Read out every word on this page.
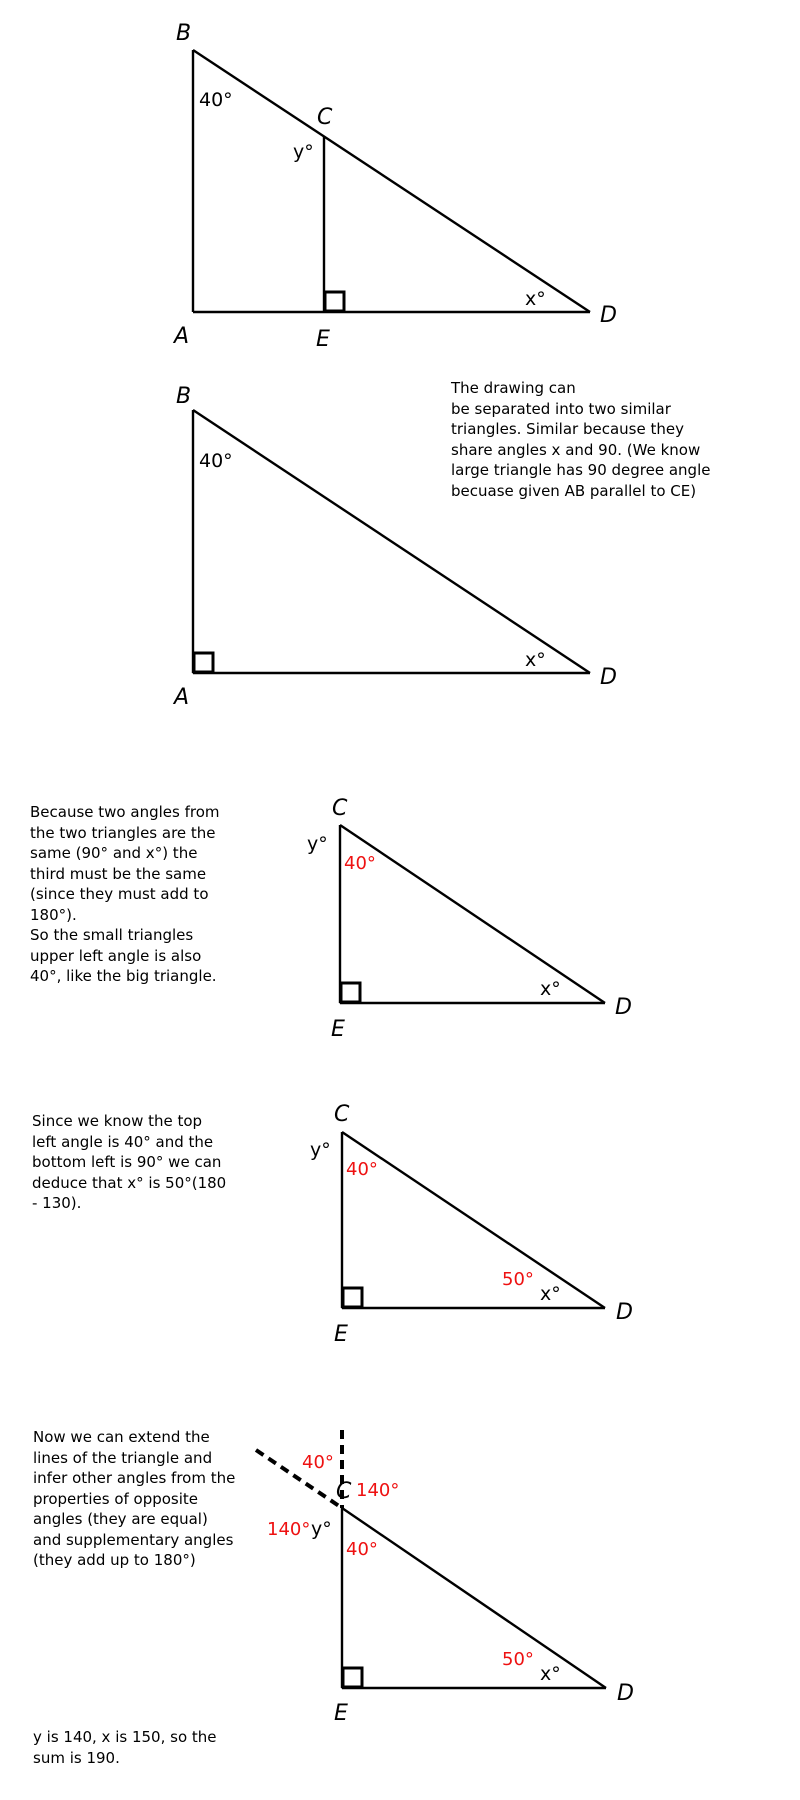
B
40°
C
y°
x°
A	E
D
B
40°
x°
A
D
C
y°
40°
x°
E
D
C
y°
40°
50°
x°
E
D
40°
C 140°
140° y°
40°
50°
x°
E
D
The drawing can
be separated into two similar
triangles. Similar because they
share angles x and 90. (We know
large triangle has 90 degree angle
becuase given AB parallel to CE)
Because two angles from
the two triangles are the
same (90° and x°) the
third must be the same
(since they must add to
180°).
So the small triangles
upper left angle is also
40°, like the big triangle.
Since we know the top
left angle is 40° and the
bottom left is 90° we can
deduce that x° is 50°(180
- 130).
Now we can extend the
lines of the triangle and
infer other angles from the
properties of opposite
angles (they are equal)
and supplementary angles
(they add up to 180°)
y is 140, x is 150, so the
sum is 190.
